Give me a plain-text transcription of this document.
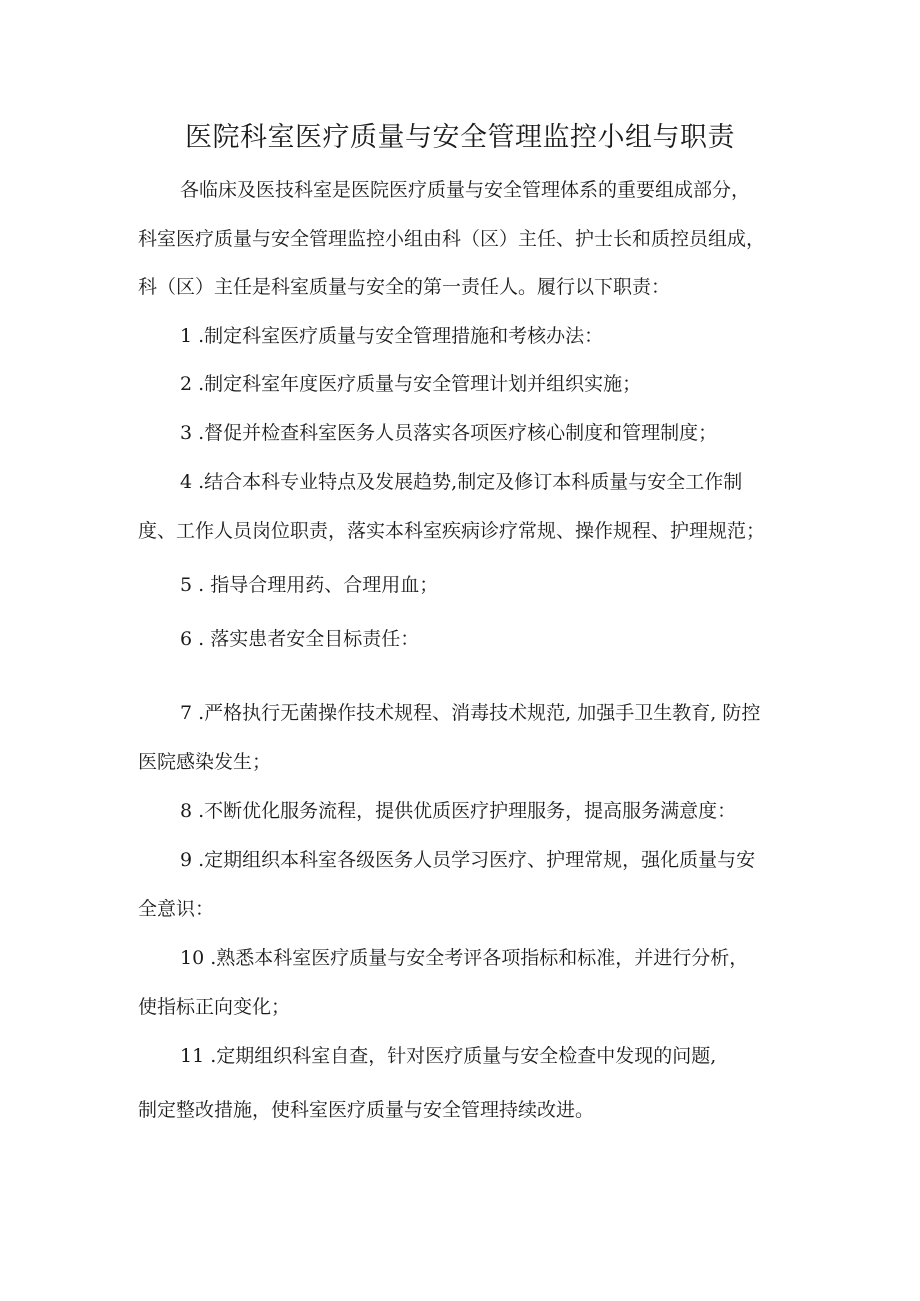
医院科室医疗质量与安全管理监控小组与职责
各临床及医技科室是医院医疗质量与安全管理体系的重要组成部分，
科室医疗质量与安全管理监控小组由科（区）主任、护士长和质控员组成，
科（区）主任是科室质量与安全的第一责任人。履行以下职责：
1 .制定科室医疗质量与安全管理措施和考核办法：
2 .制定科室年度医疗质量与安全管理计划并组织实施；
3 .督促并检查科室医务人员落实各项医疗核心制度和管理制度；
4 .结合本科专业特点及发展趋势,制定及修订本科质量与安全工作制
度、工作人员岗位职责，落实本科室疾病诊疗常规、操作规程、护理规范；
5 . 指导合理用药、合理用血；
6 . 落实患者安全目标责任：
7 .严格执行无菌操作技术规程、消毒技术规范, 加强手卫生教育, 防控
医院感染发生；
8 .不断优化服务流程，提供优质医疗护理服务，提高服务满意度：
9 .定期组织本科室各级医务人员学习医疗、护理常规，强化质量与安
全意识：
10 .熟悉本科室医疗质量与安全考评各项指标和标准，并进行分析，
使指标正向变化；
11 .定期组织科室自查，针对医疗质量与安全检查中发现的问题,
制定整改措施，使科室医疗质量与安全管理持续改进。
